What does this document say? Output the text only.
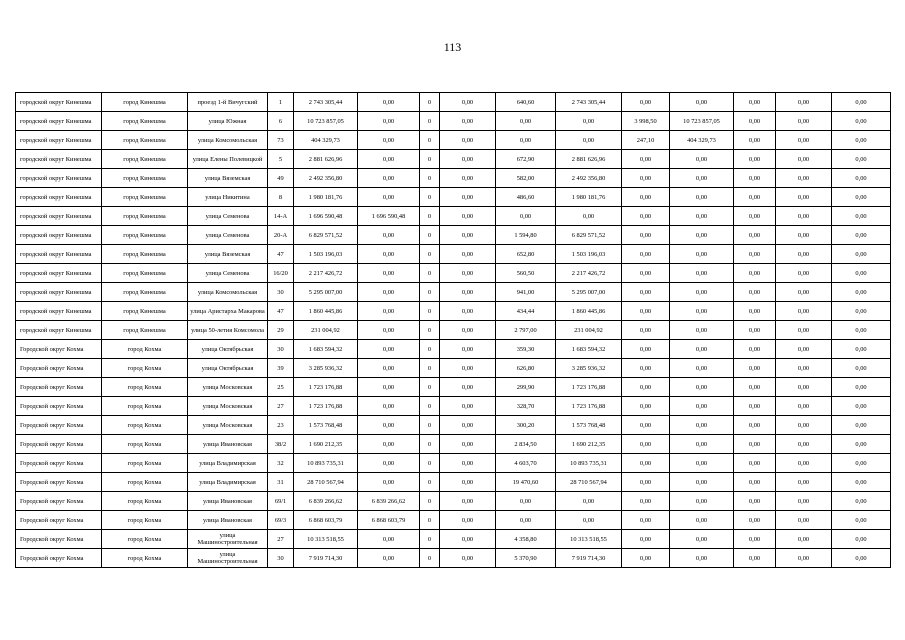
113
городской округ Кинешма	город Кинешма	проезд 1-й Вичугский	1	2 743 305,44	0,00	0	0,00	640,60	2 743 305,44	0,00	0,00	0,00	0,00	0,00
городской округ Кинешма	город Кинешма	улица Южная	6	10 723 857,05	0,00	0	0,00	0,00	0,00	3 998,50	10 723 857,05	0,00	0,00	0,00
городской округ Кинешма	город Кинешма	улица Комсомольская	73	404 329,73	0,00	0	0,00	0,00	0,00	247,10	404 329,73	0,00	0,00	0,00
городской округ Кинешма	город Кинешма	улица Елены Полевицкой	5	2 881 626,96	0,00	0	0,00	672,90	2 881 626,96	0,00	0,00	0,00	0,00	0,00
городской округ Кинешма	город Кинешма	улица Вяземская	49	2 492 356,80	0,00	0	0,00	582,00	2 492 356,80	0,00	0,00	0,00	0,00	0,00
городской округ Кинешма	город Кинешма	улица Никитина	8	1 980 181,76	0,00	0	0,00	486,60	1 980 181,76	0,00	0,00	0,00	0,00	0,00
городской округ Кинешма	город Кинешма	улица Семенова	14-А	1 696 590,48	1 696 590,48	0	0,00	0,00	0,00	0,00	0,00	0,00	0,00	0,00
городской округ Кинешма	город Кинешма	улица Семенова	20-А	6 829 571,52	0,00	0	0,00	1 594,80	6 829 571,52	0,00	0,00	0,00	0,00	0,00
городской округ Кинешма	город Кинешма	улица Вяземская	47	1 503 196,03	0,00	0	0,00	652,80	1 503 196,03	0,00	0,00	0,00	0,00	0,00
городской округ Кинешма	город Кинешма	улица Семенова	16/20	2 217 426,72	0,00	0	0,00	560,50	2 217 426,72	0,00	0,00	0,00	0,00	0,00
городской округ Кинешма	город Кинешма	улица Комсомольская	30	5 295 007,00	0,00	0	0,00	941,00	5 295 007,00	0,00	0,00	0,00	0,00	0,00
городской округ Кинешма	город Кинешма	улица Аристарха Макарова	47	1 860 445,86	0,00	0	0,00	434,44	1 860 445,86	0,00	0,00	0,00	0,00	0,00
городской округ Кинешма	город Кинешма	улица 50-летия Комсомола	29	231 004,92	0,00	0	0,00	2 797,00	231 004,92	0,00	0,00	0,00	0,00	0,00
Городской округ Кохма	город Кохма	улица Октябрьская	30	1 683 594,32	0,00	0	0,00	359,30	1 683 594,32	0,00	0,00	0,00	0,00	0,00
Городской округ Кохма	город Кохма	улица Октябрьская	39	3 285 936,32	0,00	0	0,00	626,80	3 285 936,32	0,00	0,00	0,00	0,00	0,00
Городской округ Кохма	город Кохма	улица Московская	25	1 723 176,88	0,00	0	0,00	299,90	1 723 176,88	0,00	0,00	0,00	0,00	0,00
Городской округ Кохма	город Кохма	улица Московская	27	1 723 176,88	0,00	0	0,00	328,70	1 723 176,88	0,00	0,00	0,00	0,00	0,00
Городской округ Кохма	город Кохма	улица Московская	23	1 573 768,48	0,00	0	0,00	300,20	1 573 768,48	0,00	0,00	0,00	0,00	0,00
Городской округ Кохма	город Кохма	улица Ивановская	38/2	1 690 212,35	0,00	0	0,00	2 834,50	1 690 212,35	0,00	0,00	0,00	0,00	0,00
Городской округ Кохма	город Кохма	улица Владимирская	32	10 893 735,31	0,00	0	0,00	4 603,70	10 893 735,31	0,00	0,00	0,00	0,00	0,00
Городской округ Кохма	город Кохма	улица Владимирская	31	28 710 567,94	0,00	0	0,00	19 470,60	28 710 567,94	0,00	0,00	0,00	0,00	0,00
Городской округ Кохма	город Кохма	улица Ивановская	69/1	6 839 266,62	6 839 266,62	0	0,00	0,00	0,00	0,00	0,00	0,00	0,00	0,00
Городской округ Кохма	город Кохма	улица Ивановская	69/3	6 868 603,79	6 868 603,79	0	0,00	0,00	0,00	0,00	0,00	0,00	0,00	0,00
Городской округ Кохма	город Кохма	улица Машиностроительная	27	10 313 518,55	0,00	0	0,00	4 358,80	10 313 518,55	0,00	0,00	0,00	0,00	0,00
Городской округ Кохма	город Кохма	улица Машиностроительная	30	7 919 714,30	0,00	0	0,00	5 370,90	7 919 714,30	0,00	0,00	0,00	0,00	0,00
